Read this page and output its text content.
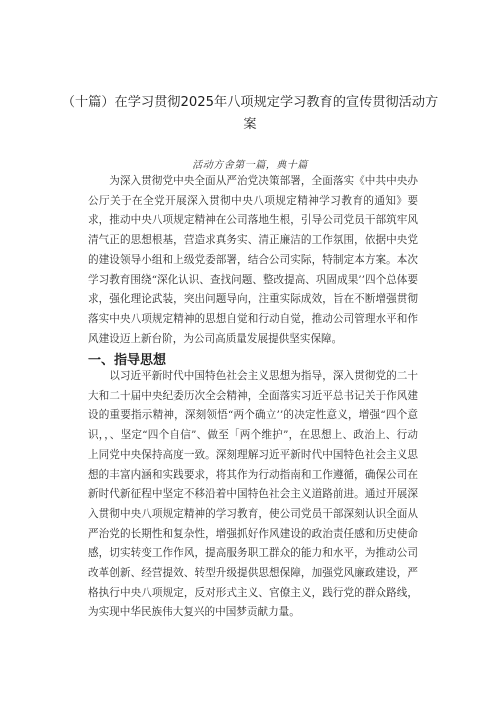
（十篇）在学习贯彻2025年八项规定学习教育的宣传贯彻活动方案
活动方舍第一篇，典十篇

为深入贯彻党中央全面从严治党决策部署，全面落实《中共中央办公厅关于在全党开展深入贯彻中央八项规定精神学习教育的通知》要求，推动中央八项规定精神在公司落地生根，引导公司党员干部筑牢风清气正的思想根基，营造求真务实、清正廉洁的工作氛围，依据中央党的建设领导小组和上级党委部署，结合公司实际，特制定本方案。本次学习教育围绕“深化认识、查找问题、整改提高、巩固成果’’四个总体要求，强化理论武装，突出问题导向，注重实际成效，旨在不断增强贯彻落实中央八项规定精神的思想自觉和行动自觉，推动公司管理水平和作风建设迈上新台阶，为公司高质量发展提供坚实保障。

一、指导思想

以习近平新时代中国特色社会主义思想为指导，深入贯彻党的二十大和二十届中央纪委历次全会精神，全面落实习近平总书记关于作风建设的重要指示精神，深刻领悟“两个确立’’的决定性意义，增强“四个意识，，、坚定“四个自信”、做至「两个维护”，在思想上、政治上、行动上同党中央保持高度一致。深刻理解习近平新时代中国特色社会主义思想的丰富内涵和实践要求，将其作为行动指南和工作遵循，确保公司在新时代新征程中坚定不移沿着中国特色社会主义道路前进。通过开展深入贯彻中央八项规定精神的学习教育，使公司党员干部深刻认识全面从严治党的长期性和复杂性，增强抓好作风建设的政治责任感和历史使命感，切实转变工作作风，提高服务职工群众的能力和水平，为推动公司改革创新、经营提效、转型升级提供思想保障，加强党风廉政建设，严格执行中央八项规定，反对形式主义、官僚主义，践行党的群众路线，为实现中华民族伟大复兴的中国梦贡献力量。
